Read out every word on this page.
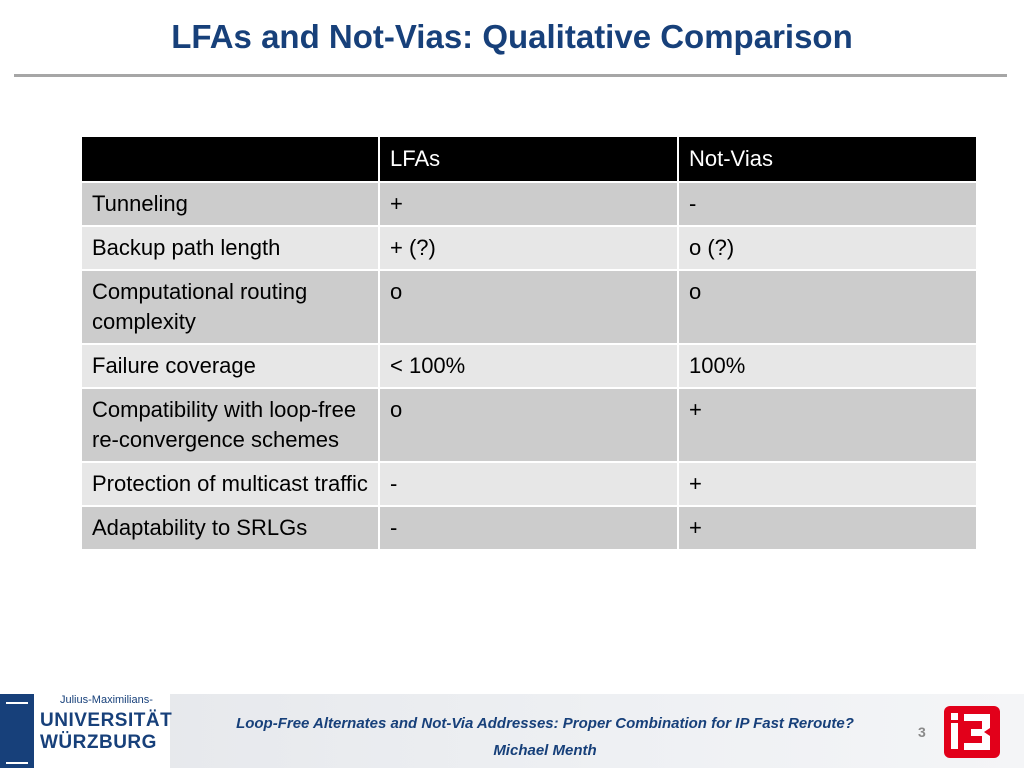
LFAs and Not-Vias: Qualitative Comparison
	LFAs	Not-Vias
Tunneling	+	-
Backup path length	+ (?)	o (?)
Computational routing complexity	o	o
Failure coverage	< 100%	100%
Compatibility with loop-free re-convergence schemes	o	+
Protection of multicast traffic	-	+
Adaptability to SRLGs	-	+
Julius-Maximilians-
UNIVERSITÄT
WÜRZBURG
Loop-Free Alternates and Not-Via Addresses: Proper Combination for IP Fast Reroute?
Michael Menth
3
